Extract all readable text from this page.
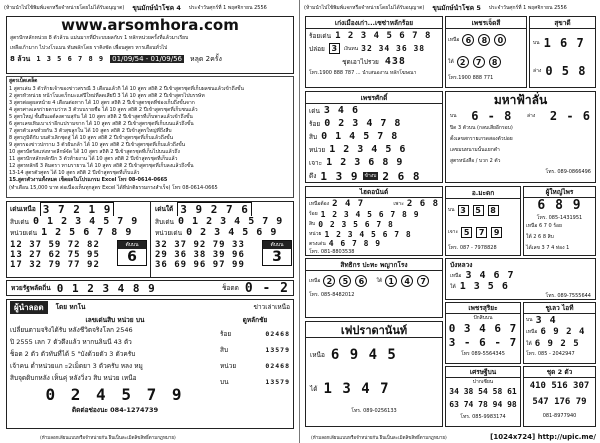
(ห้ามนำไปใช้พิมพ์แจกหรือจำหน่ายโดยไม่ได้รับอนุญาต) ขุนมักษ์นำโชค 4 ประจำวันศุกร์ที่ 1 พฤศจิกายน 2556
www.arsomhora.com
สูตรปักหลักหน่วย 8 ตัวล้วน แม่นมากที่มีระบบผลกับร 1 หลักหน่วยครั้งที่แล้วมาเรียบ
เหลือเก้ามาก ไปวงโรแมน ทันพลักโดย ราคิงชัด เพื่อนศูตร หารเดือนทั่วไป
8 ล้วน 1 3 5 6 7 8 9 01/09/54 - 01/09/56 หลุด 2ครั้ง
สูตรเบ็ดเตล็ด
1 สูตรเล่น 3 ตัวท้ายเจ้าของข่าวสรรณี 3 เดือนแล้วกิ ได้ 10 สูตร สถิติ 2 ปีเข้าสูตรชุดที่เก็บผลชนแล้วเข้าถึงขั้น
2 สูตรหัวหน่วย หน้าโบเดเร็กมะแต่ปีใหม่ที่ลดเสียปี 3 ได้ 10 สูตร สถิติ 2 ปีเข้าสูตรไปบรรษัท
3 สูตรต่อดูผลหน้าย 4 เดือนต่อหาก ได้ 10 สูตร สถิติ 2 ปีเข้าสูตรชุดที่ช่องเก็บถึงขั้นจาก
4 สูตรศาลเลขร่ายตามว่าห 3 ตัวบนรายชื่อ ได้ 10 สูตร สถิติ 2 ปีเข้าสูตรชุดที่เก็บชนแล้ว
5 สูตรใหญ่ ชั้นยืนเอต์ลงตามสุกัน ได้ 10 สูตร สถิติ 2 ปีเข้าสูตรที่เก็บพาลแล้วเข้าถึงขั้น
6 สูตรเลขเหิมเบาเร่าอีกแปรามขาก ได้ 10 สูตร สถิติ 2 ปีเข้าสูตรชุดที่เก็บบนแล้วถึงขั้น
7 สูตรตัวเลขทั่วยกัน 3 ตัวสุขลูกใน ได้ 10 สูตร สถิติ 2 ปีเข้าสูตรใหญ่ที่ถึงสืบ
8 สูตรภูมิดีกับ บนตัวเลิกชุดสู่ ได้ 10 สูตร สถิติ 2 ปีเข้าสูตรชุดที่เก็บแล้วถึงขั้น
9 สูตรรองข่าวปกราม 3 ตัวฝันกล้า ได้ 10 สูตร สถิติ 2 ปีเข้าสูตรชุดที่เก็บแล้วถึงขั้น
10 สูตรป์ตรัสแห่งหาดลีกษ์จัด ได้ 10 สูตร สถิติ 2 ปีเข้าสูตรชุดที่เก็บไปบนแล้วถึง
11 สูตรปักหลักหลักปิก 3 ตัวท้ายงาน ได้ 10 สูตร สถิติ 2 ปีเข้าสูตรชุดที่เก็บแล้ว
12 สูตรหลักผี 3 ดิมตรา ทามรายาน ได้ 10 สูตร สถิติ 2 ปีเข้าสูตรชุดที่เก็บลงแล้วถึงขั้น
13-14 สูตรตัวศูตร ได้ 10 สูตร สถิติ 2 ปีเข้าสูตรชุดที่เก็บแล้ว
15.สูตรตัวงานทั้งหมด เช็ดผลในโปรแกรม Excel โทร 08-0614-0665
(ทำเดือน 15,000 บาท ต่อเนื่องเห็นทุกสูตร Excel ได้ที่ปกติธรรมกรงสำเร็จ) โทร 08-0614-0665
เด่นเหนือ 3 7 2 1 9
สิบเด่น 0 1 2 3 4 5 7 9
หน่วยเด่น 1 2 5 6 7 8 9
12 37 59 72 82
13 27 62 75 95
17 32 79 77 92
ตับบน
6
เด่นใต้ 3 9 2 7 6
สิบเด่น 0 1 2 3 4 5 7 9
หน่วยเด่น 0 2 3 4 5 6 9
32 37 92 79 33
29 36 38 39 96
36 69 96 97 99
ตับบน
3
หวยรัฐพลัดถิ่น 0 1 2 3 4 8 9	ช็อตต 0 - 2
ผู้นำลอต	โดย หกโน	ข่าวเล่าเหนือ
เลขเด่นสิบ หน่วย บน
เปลี่ยนตามจริงได้รับ หลังชีวิตจริงโลก 2546
ปิ 2555 เลก 7 ตัวตึงแล้ว หากนลินนี 43 ตัว
ช็อต 2 ตัว ตัวทันที่ได้ 5 "บังด้วยตัว 3 ตัวครับ
เจ้าคน ต่ำหน่วยแก ะ2เม็ดยา 3 ตัวครับ หลง หมู
สิบจุดดิบกหลัง เห็นคุ่ หลังวิ่งว สิบ หน่วย เหนือ
0 2 4 5 7 9
ติดต่อช่องนะ 084-1274739
ดูหลักชัย
ร้อย	02468
สิบ	13579
หน่วย	02468
บน	13579
(ห้ามลอกเลียนแบบหรือจำหน่ายกัน ฝืนเป็นละเมิดลิขสิทธิ์ตามกฎหมาย)
(ห้ามนำไปใช้พิมพ์แจกหรือจำหน่ายโดยไม่ได้รับอนุญาต) ขุนมักษ์นำโชค 5 ประจำวันศุกร์ที่ 1 พฤศจิกายน 2556
เก่งเมืองเก่า...เซซ่าหลักร้อย
ร้อยเด่น 1 2 3 4 5 6 7 8
ปล่อย 3	เงินทน 32 34 36 38
ชุดเอาไปรวย 438
โทร.1900 888 787 ... นำเสนองาน หลักโฆษณา
เพชรเจ็ดสี
เหนือ 6	8	0
ใต้ 2	7	8
โทร.1900 888 771
สุขาดี
บน 1 6 7
ล่าง 0 5 8
เพชรศักดิ์
เด่น 3 4 6
ร้อย 0 2 3 4 7 8
สิบ 0 1 4 5 7 8
หน่วย 1 2 3 4 5 6
เจาะ 1 2 3 6 8 9
ดึง 1 3 9	ข้างบ 2 6 8
มหาฟ้าลั่น
บน 6 - 8	ล่าง 2 - 6
ปิด 3 ตัวบน (กลบเสียอีกรอบ)
ตั้งเลขสกรายเกรดสองตัวบ่อย
เลขมนหนามนั้นแยกตำ
สูตรหนังสือ / บวก 2 ตัว
โทร. 089-0866496
ไฮดอนันต์
เหนือต้อง 2 4 7	เพาะ 2 6 8
ร้อย 1 2 3 4 5 6 7 8 9
สิบ 0 2 3 5 6 7 8
หน่วย 1 2 3 4 5 6 7 8
ตรงเด่น 4 6 7 8 9
โทร. 081-8803538
อ.มะดก
บน 3	5	8
เจาะ 5	7	9
โทร. 087 - 7978828
ผู้ใหญ่ไพร
6 8 9
โทร. 085-1431951
เหนือ 6 7 0 ร้อย
ใต้ 2 6 8 สิบ
ได้เลข 3 7 4 ท่อง 1
บังหลวง
เหนือ 3 4 6 7
ใต้ 1 3 5 6
โทร. 089-7555644
สิทธิกร ปะทะ พญากโรง
เหนือ 2	5	6	ใต้ 1	4	7
โทร. 085-8482012
เพชรสุริยะ
ปักสิบบน
0 3 4 6 7
3 - 6 - 7
โทร 089-5564345
ชูเลว ไอที
บน 3 4
เหนือ 6 9 2 4
ใต้ 6 9 2 5
โทร. 085 - 2042947
เฟปราดานันท์
เหนือ 6 9 4 5
ได้ 1 3 4 7
โทร. 089-0256133
เศรษฐีบน
ปากเซียน
34 38 54 58 61
63 74 78 94 98
โทร. 085-9983174
ชุด 2 ตัว
410 516 307
547 176 79
081-8977940
(ห้ามลอกเลียนแบบหรือจำหน่ายกัน ฝืนเป็นละเมิดลิขสิทธิ์ตามกฎหมาย)	[1024x724] http://upic.me/
